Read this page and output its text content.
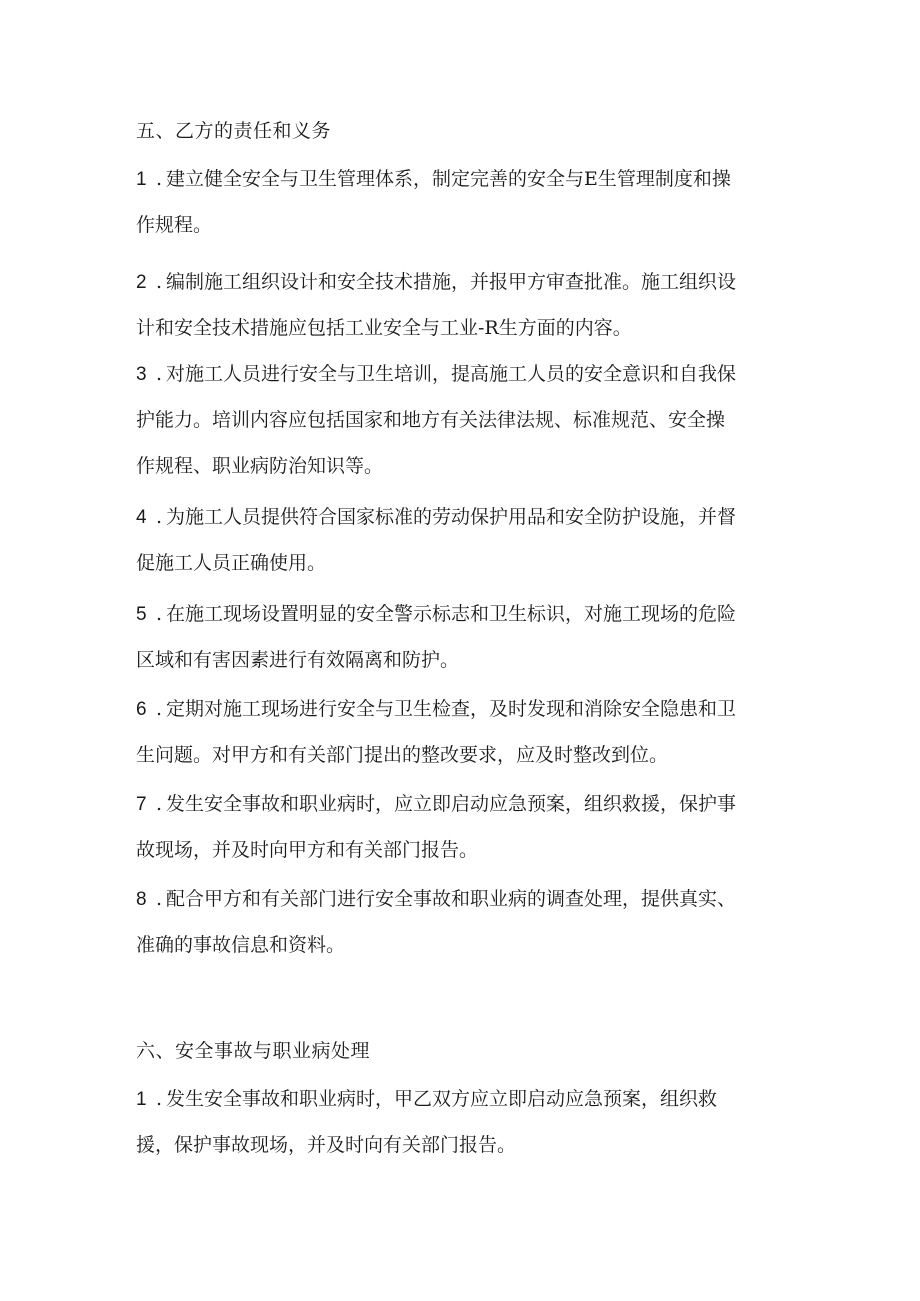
五、乙方的责任和义务
1 . 建立健全安全与卫生管理体系，制定完善的安全与E生管理制度和操
作规程。
2 . 编制施工组织设计和安全技术措施，并报甲方审查批准。施工组织设
计和安全技术措施应包括工业安全与工业-R生方面的内容。
3 . 对施工人员进行安全与卫生培训，提高施工人员的安全意识和自我保
护能力。培训内容应包括国家和地方有关法律法规、标准规范、安全操
作规程、职业病防治知识等。
4 . 为施工人员提供符合国家标准的劳动保护用品和安全防护设施，并督
促施工人员正确使用。
5 . 在施工现场设置明显的安全警示标志和卫生标识，对施工现场的危险
区域和有害因素进行有效隔离和防护。
6 . 定期对施工现场进行安全与卫生检查，及时发现和消除安全隐患和卫
生问题。对甲方和有关部门提出的整改要求，应及时整改到位。
7 . 发生安全事故和职业病时，应立即启动应急预案，组织救援，保护事
故现场，并及时向甲方和有关部门报告。
8 . 配合甲方和有关部门进行安全事故和职业病的调查处理，提供真实、
准确的事故信息和资料。
六、安全事故与职业病处理
1 . 发生安全事故和职业病时，甲乙双方应立即启动应急预案，组织救
援，保护事故现场，并及时向有关部门报告。
